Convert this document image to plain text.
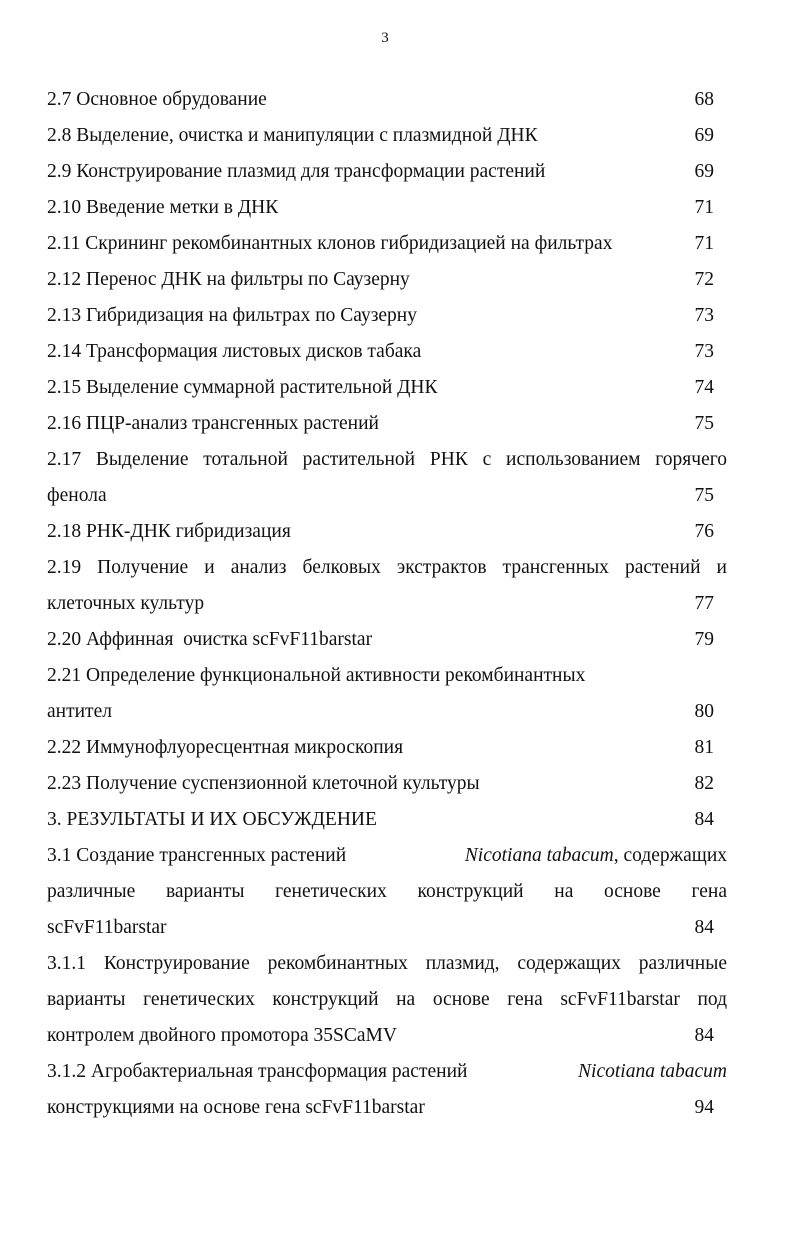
3
2.7 Основное обрудование	68
2.8 Выделение, очистка и манипуляции с плазмидной ДНК	69
2.9 Конструирование плазмид для трансформации растений	69
2.10 Введение метки в ДНК	71
2.11 Скрининг рекомбинантных клонов гибридизацией на фильтрах	71
2.12 Перенос ДНК на фильтры по Саузерну	72
2.13 Гибридизация на фильтрах по Саузерну	73
2.14 Трансформация листовых дисков табака	73
2.15 Выделение суммарной растительной ДНК	74
2.16 ПЦР-анализ трансгенных растений	75
2.17 Выделение тотальной растительной РНК с использованием горячего
фенола	75
2.18 РНК-ДНК гибридизация	76
2.19 Получение и анализ белковых экстрактов трансгенных растений и
клеточных культур	77
2.20 Аффинная  очистка scFvF11barstar	79
2.21 Определение функциональной активности рекомбинантных
антител	80
2.22 Иммунофлуоресцентная микроскопия	81
2.23 Получение суспензионной клеточной культуры	82
3. РЕЗУЛЬТАТЫ И ИХ ОБСУЖДЕНИЕ	84
3.1 Создание трансгенных растений	Nicotiana tabacum, содержащих
различные варианты генетических конструкций на основе гена
scFvF11barstar	84
3.1.1 Конструирование рекомбинантных плазмид, содержащих различные
варианты генетических конструкций на основе гена scFvF11barstar под
контролем двойного промотора 35SCaMV	84
3.1.2 Агробактериальная трансформация растений	Nicotiana tabacum
конструкциями на основе гена scFvF11barstar	94
